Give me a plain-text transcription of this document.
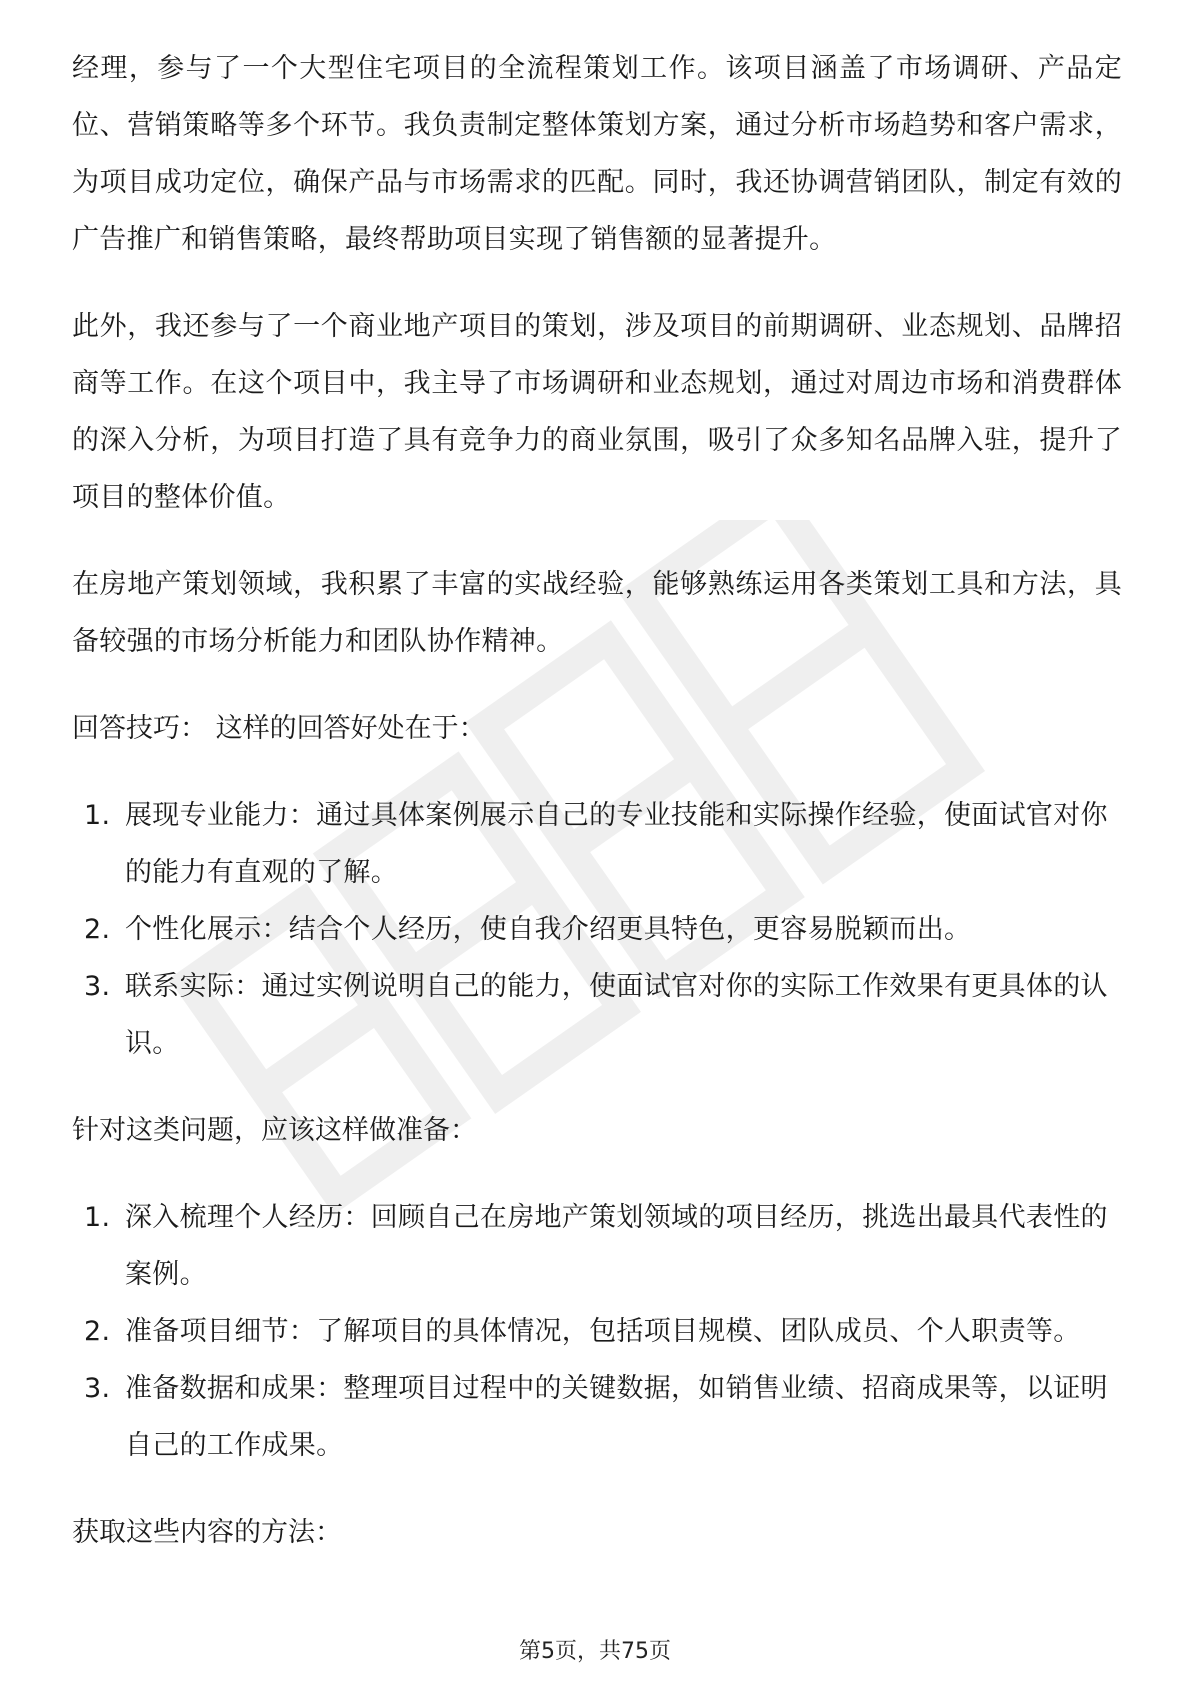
经理，参与了一个大型住宅项目的全流程策划工作。该项目涵盖了市场调研、产品定位、营销策略等多个环节。我负责制定整体策划方案，通过分析市场趋势和客户需求，为项目成功定位，确保产品与市场需求的匹配。同时，我还协调营销团队，制定有效的广告推广和销售策略，最终帮助项目实现了销售额的显著提升。

此外，我还参与了一个商业地产项目的策划，涉及项目的前期调研、业态规划、品牌招商等工作。在这个项目中，我主导了市场调研和业态规划，通过对周边市场和消费群体的深入分析，为项目打造了具有竞争力的商业氛围，吸引了众多知名品牌入驻，提升了项目的整体价值。

在房地产策划领域，我积累了丰富的实战经验，能够熟练运用各类策划工具和方法，具备较强的市场分析能力和团队协作精神。

回答技巧： 这样的回答好处在于：

1. 展现专业能力：通过具体案例展示自己的专业技能和实际操作经验，使面试官对你的能力有直观的了解。
2. 个性化展示：结合个人经历，使自我介绍更具特色，更容易脱颖而出。
3. 联系实际：通过实例说明自己的能力，使面试官对你的实际工作效果有更具体的认识。

针对这类问题，应该这样做准备：

1. 深入梳理个人经历：回顾自己在房地产策划领域的项目经历，挑选出最具代表性的案例。
2. 准备项目细节：了解项目的具体情况，包括项目规模、团队成员、个人职责等。
3. 准备数据和成果：整理项目过程中的关键数据，如销售业绩、招商成果等，以证明自己的工作成果。

获取这些内容的方法：

第5页，共75页
